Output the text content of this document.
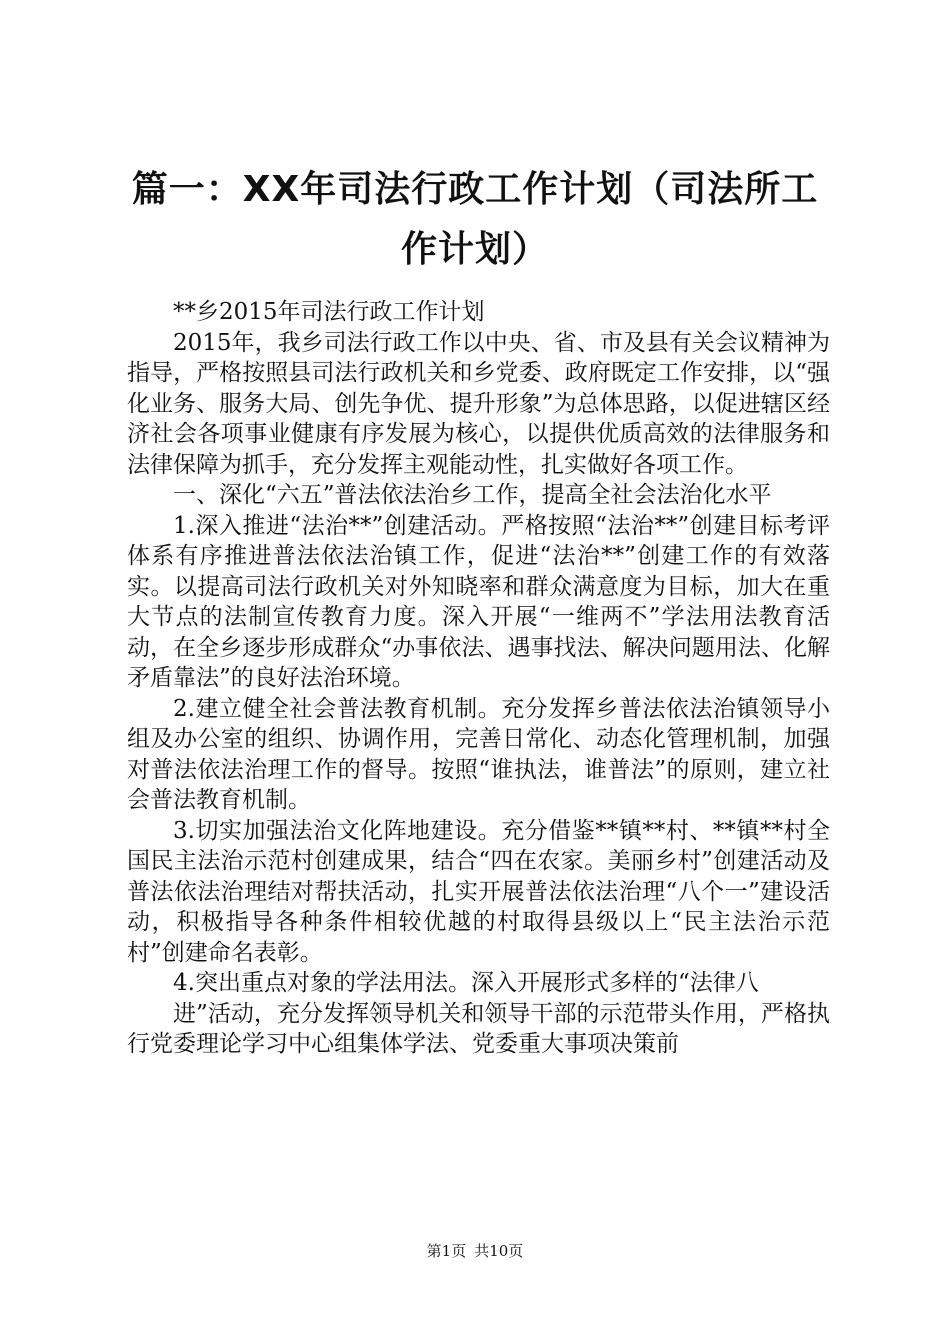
篇一：XX年司法行政工作计划（司法所工作计划）

**乡2015年司法行政工作计划

2015年，我乡司法行政工作以中央、省、市及县有关会议精神为指导，严格按照县司法行政机关和乡党委、政府既定工作安排，以“强化业务、服务大局、创先争优、提升形象”为总体思路，以促进辖区经济社会各项事业健康有序发展为核心，以提供优质高效的法律服务和法律保障为抓手，充分发挥主观能动性，扎实做好各项工作。

一、深化“六五”普法依法治乡工作，提高全社会法治化水平

1.深入推进“法治**”创建活动。严格按照“法治**”创建目标考评体系有序推进普法依法治镇工作，促进“法治**”创建工作的有效落实。以提高司法行政机关对外知晓率和群众满意度为目标，加大在重大节点的法制宣传教育力度。深入开展“一维两不”学法用法教育活动，在全乡逐步形成群众“办事依法、遇事找法、解决问题用法、化解矛盾靠法”的良好法治环境。

2.建立健全社会普法教育机制。充分发挥乡普法依法治镇领导小组及办公室的组织、协调作用，完善日常化、动态化管理机制，加强对普法依法治理工作的督导。按照“谁执法，谁普法”的原则，建立社会普法教育机制。

3.切实加强法治文化阵地建设。充分借鉴**镇**村、**镇**村全国民主法治示范村创建成果，结合“四在农家。美丽乡村”创建活动及普法依法治理结对帮扶活动，扎实开展普法依法治理“八个一”建设活动，积极指导各种条件相较优越的村取得县级以上“民主法治示范村”创建命名表彰。

4.突出重点对象的学法用法。深入开展形式多样的“法律八

进”活动，充分发挥领导机关和领导干部的示范带头作用，严格执行党委理论学习中心组集体学法、党委重大事项决策前

第1页 共10页
